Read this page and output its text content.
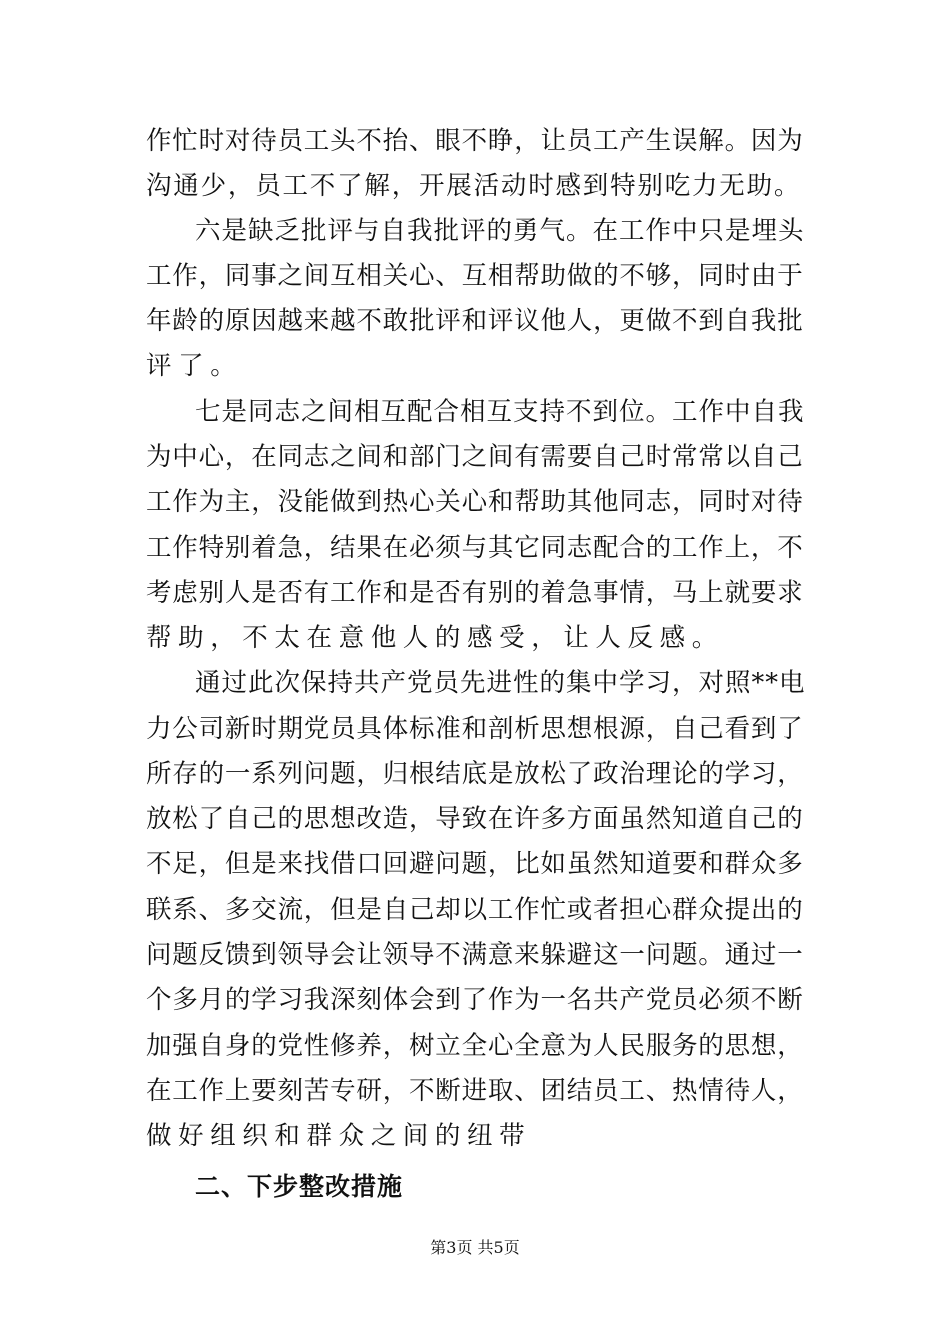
作忙时对待员工头不抬、眼不睁，让员工产生误解。因为
沟通少，员工不了解，开展活动时感到特别吃力无助。
六是缺乏批评与自我批评的勇气。在工作中只是埋头
工作，同事之间互相关心、互相帮助做的不够，同时由于
年龄的原因越来越不敢批评和评议他人，更做不到自我批
评了。
七是同志之间相互配合相互支持不到位。工作中自我
为中心，在同志之间和部门之间有需要自己时常常以自己
工作为主，没能做到热心关心和帮助其他同志，同时对待
工作特别着急，结果在必须与其它同志配合的工作上，不
考虑别人是否有工作和是否有别的着急事情，马上就要求
帮助，不太在意他人的感受，让人反感。
通过此次保持共产党员先进性的集中学习，对照**电
力公司新时期党员具体标准和剖析思想根源，自己看到了
所存的一系列问题，归根结底是放松了政治理论的学习，
放松了自己的思想改造，导致在许多方面虽然知道自己的
不足，但是来找借口回避问题，比如虽然知道要和群众多
联系、多交流，但是自己却以工作忙或者担心群众提出的
问题反馈到领导会让领导不满意来躲避这一问题。通过一
个多月的学习我深刻体会到了作为一名共产党员必须不断
加强自身的党性修养，树立全心全意为人民服务的思想，
在工作上要刻苦专研，不断进取、团结员工、热情待人，
做好组织和群众之间的纽带
二、下步整改措施
第3页 共5页
